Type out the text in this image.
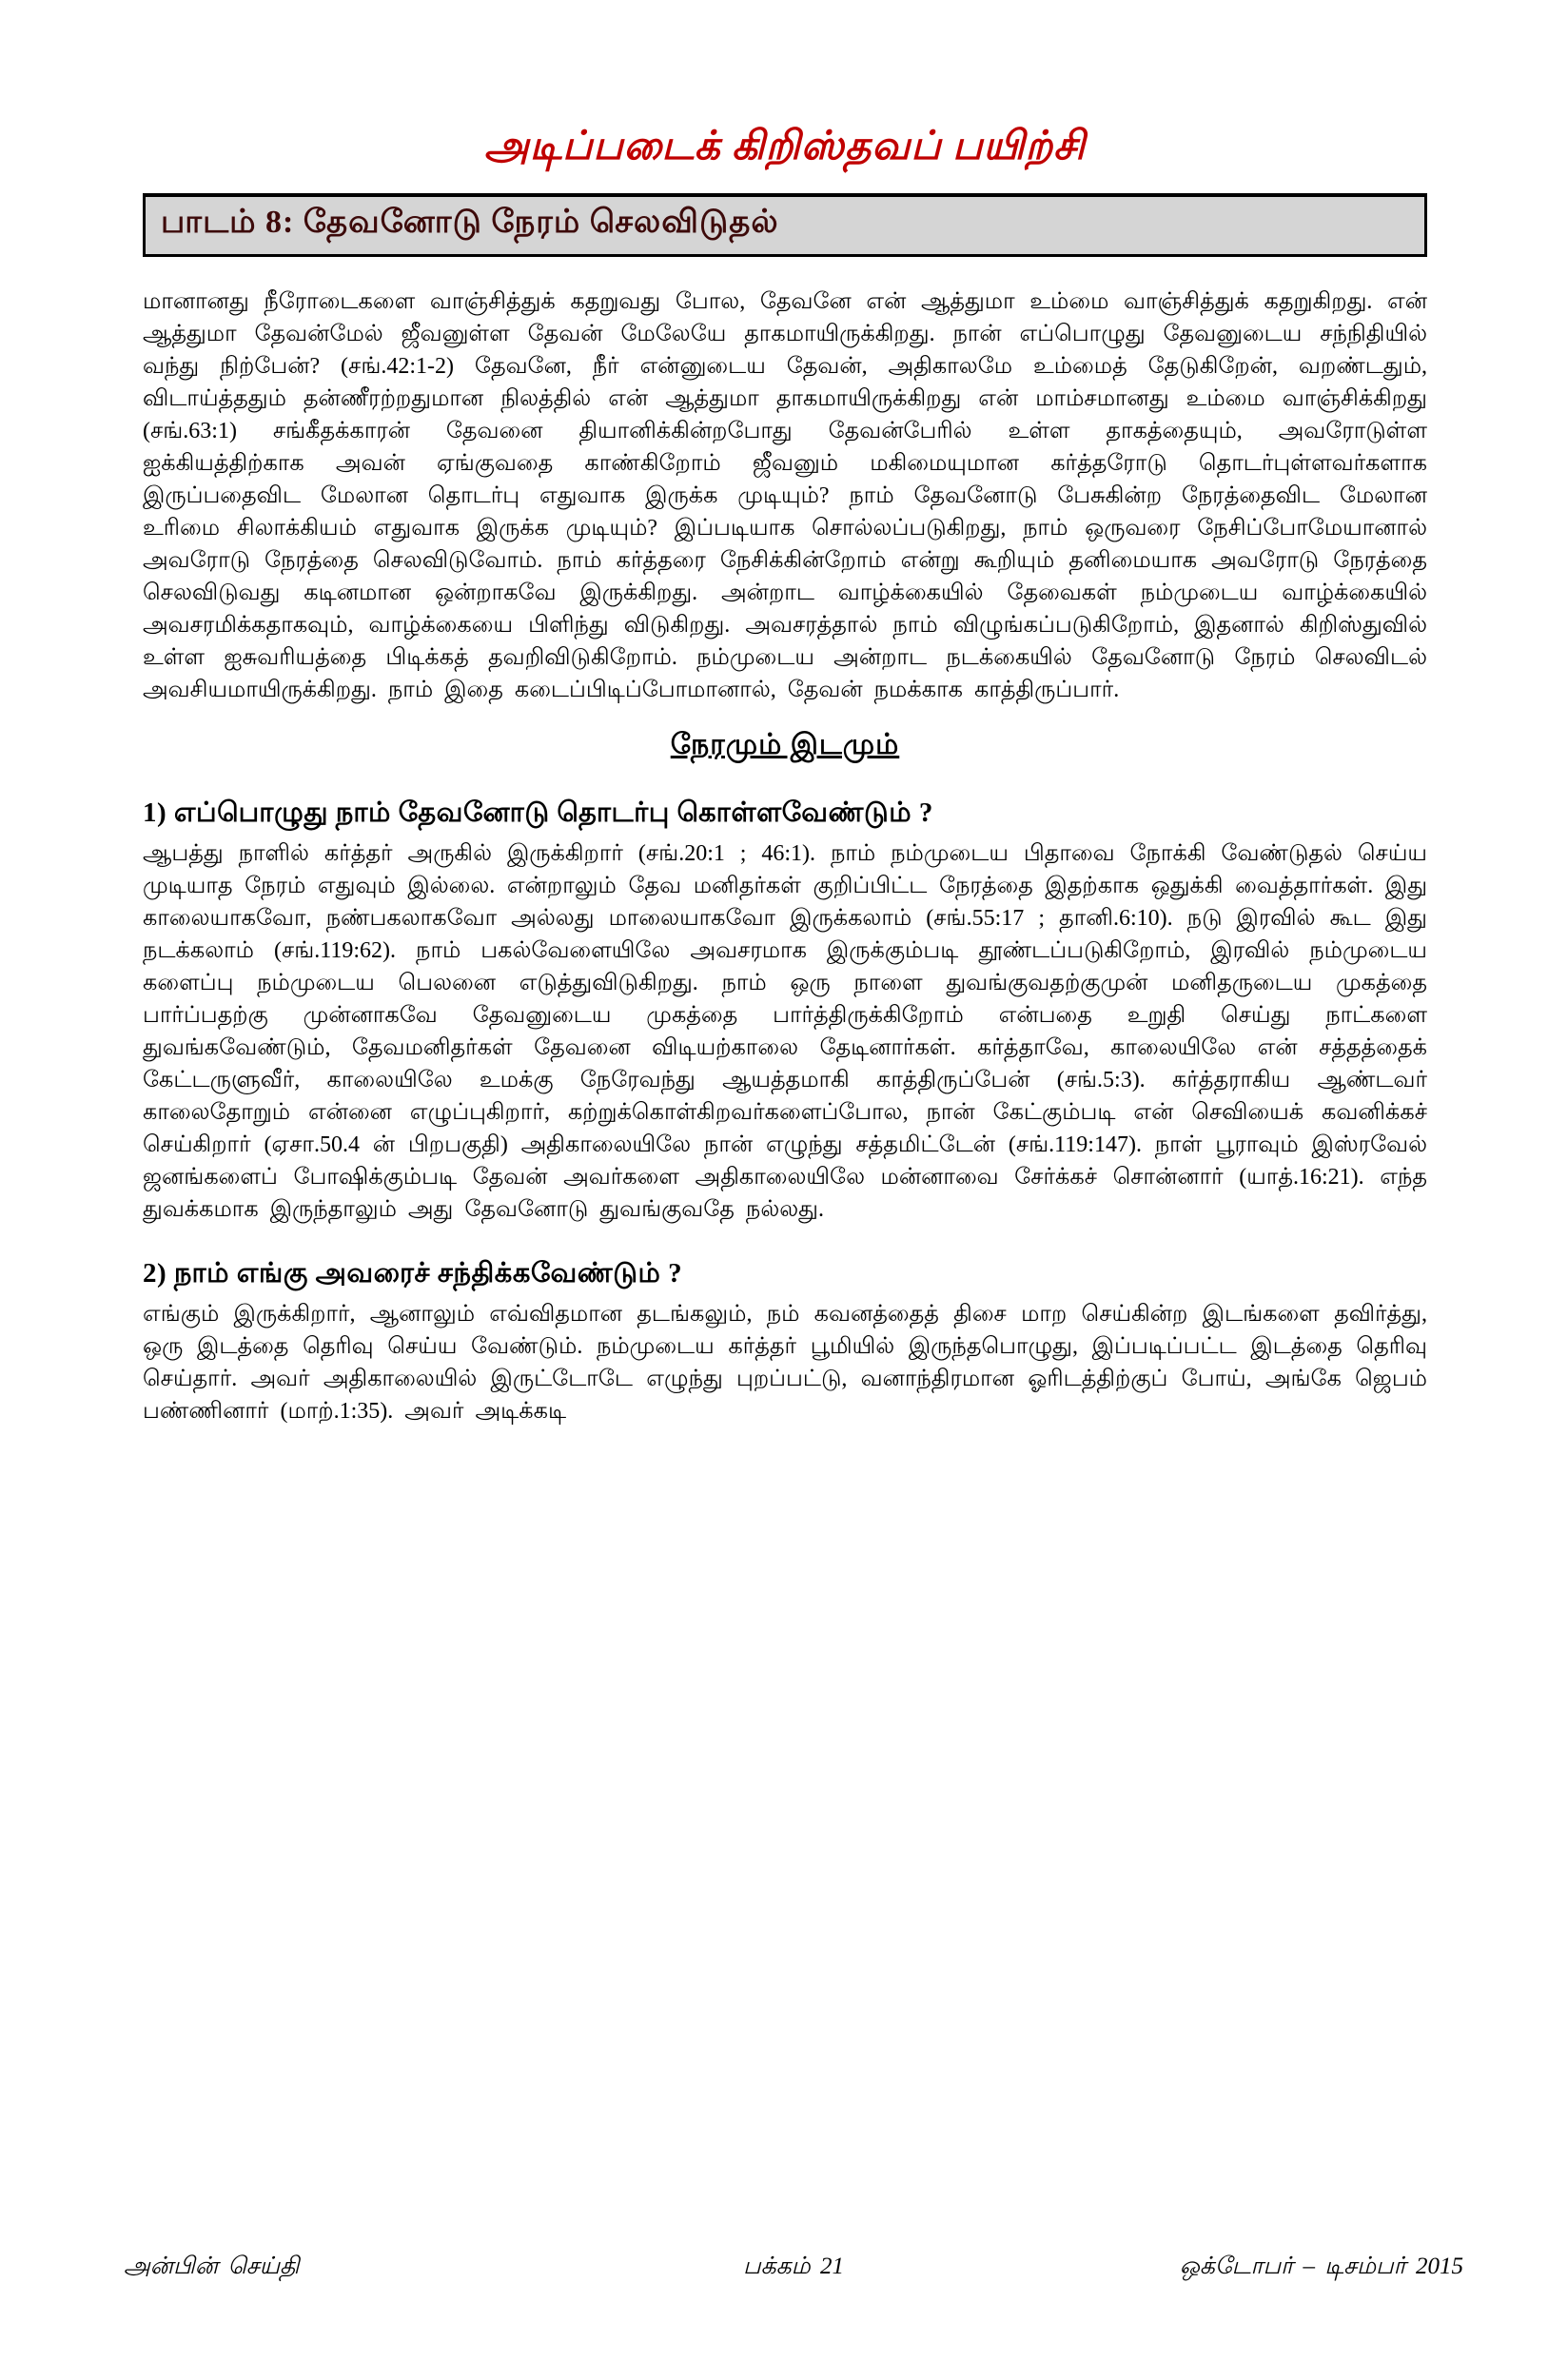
அடிப்படைக் கிறிஸ்தவப் பயிற்சி
பாடம் 8: தேவனோடு நேரம் செலவிடுதல்
மானானது நீரோடைகளை வாஞ்சித்துக் கதறுவது போல, தேவனே என் ஆத்துமா உம்மை வாஞ்சித்துக் கதறுகிறது. என் ஆத்துமா தேவன்மேல் ஜீவனுள்ள தேவன் மேலேயே தாகமாயிருக்கிறது. நான் எப்பொழுது தேவனுடைய சந்நிதியில் வந்து நிற்பேன்? (சங்.42:1-2) தேவனே, நீர் என்னுடைய தேவன், அதிகாலமே உம்மைத் தேடுகிறேன், வறண்டதும், விடாய்த்ததும் தன்ணீரற்றதுமான நிலத்தில் என் ஆத்துமா தாகமாயிருக்கிறது என் மாம்சமானது உம்மை வாஞ்சிக்கிறது (சங்.63:1) சங்கீதக்காரன் தேவனை தியானிக்கின்றபோது தேவன்பேரில் உள்ள தாகத்தையும், அவரோடுள்ள ஐக்கியத்திற்காக அவன் ஏங்குவதை காண்கிறோம் ஜீவனும் மகிமையுமான கர்த்தரோடு தொடர்புள்ளவர்களாக இருப்பதைவிட மேலான தொடர்பு எதுவாக இருக்க முடியும்? நாம் தேவனோடு பேசுகின்ற நேரத்தைவிட மேலான உரிமை சிலாக்கியம் எதுவாக இருக்க முடியும்? இப்படியாக சொல்லப்படுகிறது, நாம் ஒருவரை நேசிப்போமேயானால் அவரோடு நேரத்தை செலவிடுவோம். நாம் கர்த்தரை நேசிக்கின்றோம் என்று கூறியும் தனிமையாக அவரோடு நேரத்தை செலவிடுவது கடினமான ஒன்றாகவே இருக்கிறது. அன்றாட வாழ்க்கையில் தேவைகள் நம்முடைய வாழ்க்கையில் அவசரமிக்கதாகவும், வாழ்க்கையை பிளிந்து விடுகிறது. அவசரத்தால் நாம் விழுங்கப்படுகிறோம், இதனால் கிறிஸ்துவில் உள்ள ஐசுவரியத்தை பிடிக்கத் தவறிவிடுகிறோம். நம்முடைய அன்றாட நடக்கையில் தேவனோடு நேரம் செலவிடல் அவசியமாயிருக்கிறது. நாம் இதை கடைப்பிடிப்போமானால், தேவன் நமக்காக காத்திருப்பார்.
நேரமும் இடமும்
1) எப்பொழுது நாம் தேவனோடு தொடர்பு கொள்ளவேண்டும் ?
ஆபத்து நாளில் கர்த்தர் அருகில் இருக்கிறார் (சங்.20:1 ; 46:1). நாம் நம்முடைய பிதாவை நோக்கி வேண்டுதல் செய்ய முடியாத நேரம் எதுவும் இல்லை. என்றாலும் தேவ மனிதர்கள் குறிப்பிட்ட நேரத்தை இதற்காக ஒதுக்கி வைத்தார்கள். இது காலையாகவோ, நண்பகலாகவோ அல்லது மாலையாகவோ இருக்கலாம் (சங்.55:17 ; தானி.6:10). நடு இரவில் கூட இது நடக்கலாம் (சங்.119:62). நாம் பகல்வேளையிலே அவசரமாக இருக்கும்படி தூண்டப்படுகிறோம், இரவில் நம்முடைய களைப்பு நம்முடைய பெலனை எடுத்துவிடுகிறது. நாம் ஒரு நாளை துவங்குவதற்குமுன் மனிதருடைய முகத்தை பார்ப்பதற்கு முன்னாகவே தேவனுடைய முகத்தை பார்த்திருக்கிறோம் என்பதை உறுதி செய்து நாட்களை துவங்கவேண்டும், தேவமனிதர்கள் தேவனை விடியற்காலை தேடினார்கள். கர்த்தாவே, காலையிலே என் சத்தத்தைக் கேட்டருளுவீர், காலையிலே உமக்கு நேரேவந்து ஆயத்தமாகி காத்திருப்பேன் (சங்.5:3). கர்த்தராகிய ஆண்டவர் காலைதோறும் என்னை எழுப்புகிறார், கற்றுக்கொள்கிறவர்களைப்போல, நான் கேட்கும்படி என் செவியைக் கவனிக்கச் செய்கிறார் (ஏசா.50.4 ன் பிறபகுதி) அதிகாலையிலே நான் எழுந்து சத்தமிட்டேன் (சங்.119:147). நாள் பூராவும் இஸ்ரவேல் ஜனங்களைப் போஷிக்கும்படி தேவன் அவர்களை அதிகாலையிலே மன்னாவை சேர்க்கச் சொன்னார் (யாத்.16:21). எந்த துவக்கமாக இருந்தாலும் அது தேவனோடு துவங்குவதே நல்லது.
2) நாம் எங்கு அவரைச் சந்திக்கவேண்டும் ?
எங்கும் இருக்கிறார், ஆனாலும் எவ்விதமான தடங்கலும், நம் கவனத்தைத் திசை மாற செய்கின்ற இடங்களை தவிர்த்து, ஒரு இடத்தை தெரிவு செய்ய வேண்டும். நம்முடைய கர்த்தர் பூமியில் இருந்தபொழுது, இப்படிப்பட்ட இடத்தை தெரிவு செய்தார். அவர் அதிகாலையில் இருட்டோடே எழுந்து புறப்பட்டு, வனாந்திரமான ஓரிடத்திற்குப் போய், அங்கே ஜெபம் பண்ணினார் (மாற்.1:35). அவர் அடிக்கடி
அன்பின் செய்தி	பக்கம் 21	ஒக்டோபர் – டிசம்பர் 2015
